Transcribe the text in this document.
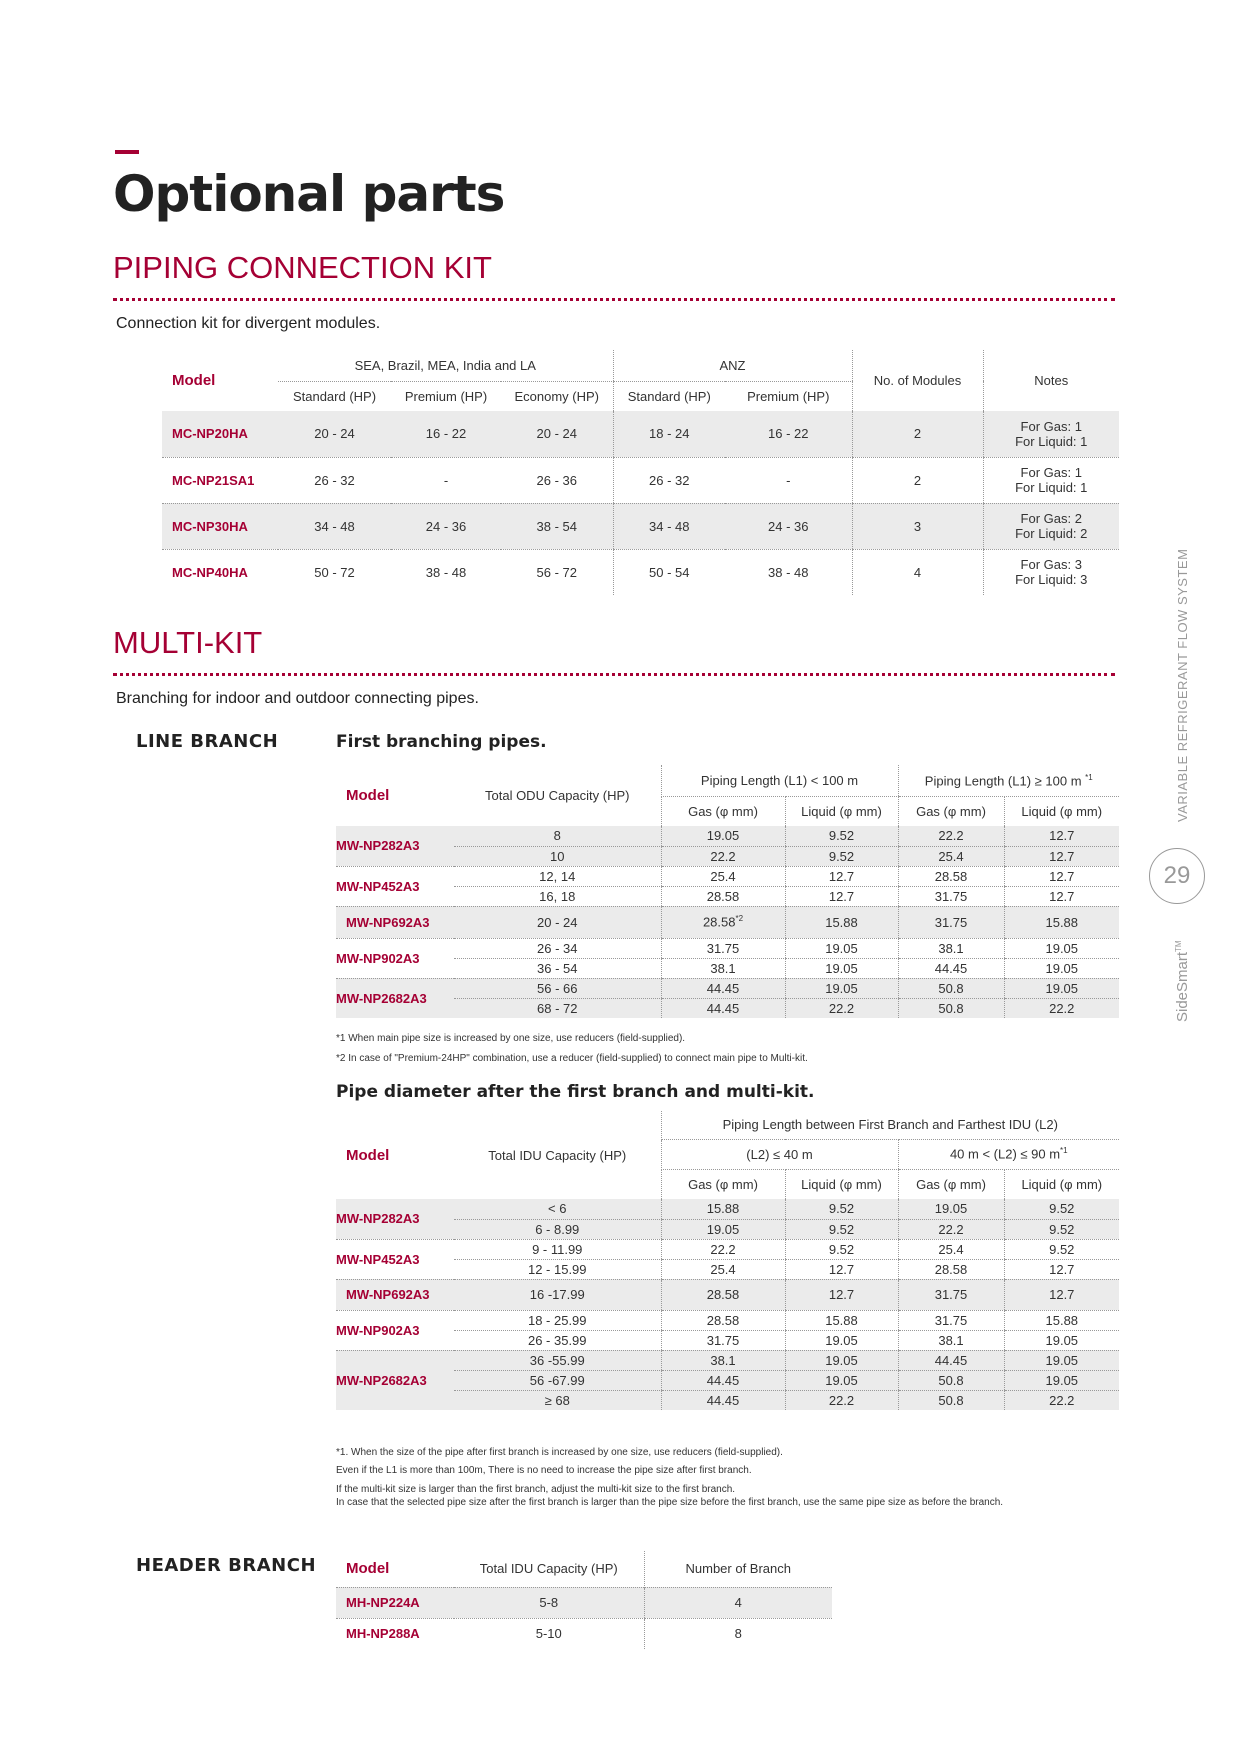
Optional parts
PIPING CONNECTION KIT
Connection kit for divergent modules.
Model	SEA, Brazil, MEA, India and LA			ANZ		No. of Modules	Notes
	Standard (HP)	Premium (HP)	Economy (HP)	Standard (HP)	Premium (HP)		
MC-NP20HA	20 - 24	16 - 22	20 - 24	18 - 24	16 - 22	2	For Gas: 1
For Liquid: 1

MC-NP21SA1	26 - 32	-	26 - 36	26 - 32	-	2	For Gas: 1
For Liquid: 1

MC-NP30HA	34 - 48	24 - 36	38 - 54	34 - 48	24 - 36	3	For Gas: 2
For Liquid: 2

MC-NP40HA	50 - 72	38 - 48	56 - 72	50 - 54	38 - 48	4	For Gas: 3
For Liquid: 3
MULTI-KIT
Branching for indoor and outdoor connecting pipes.
LINE BRANCH	First branching pipes.
Model	Total ODU Capacity (HP)	Piping Length (L1) < 100 m		Piping Length (L1) ≥ 100 m $^{*1}$
		Gas (φ mm)	Liquid (φ mm)	Gas (φ mm)	Liquid (φ mm)
MW-NP282A3	8	19.05	9.52	22.2	12.7
	10	22.2	9.52	25.4	12.7
MW-NP452A3	12, 14	25.4	12.7	28.58	12.7
	16, 18	28.58	12.7	31.75	12.7
MW-NP692A3	20 - 24	28.58$^{*2}$	15.88	31.75	15.88
MW-NP902A3	26 - 34	31.75	19.05	38.1	19.05
	36 - 54	38.1	19.05	44.45	19.05
MW-NP2682A3	56 - 66	44.45	19.05	50.8	19.05
	68 - 72	44.45	22.2	50.8	22.2
*1 When main pipe size is increased by one size, use reducers (field-supplied).
*2 In case of "Premium-24HP" combination, use a reducer (field-supplied) to connect main pipe to Multi-kit.
Pipe diameter after the first branch and multi-kit.
Model	Total IDU Capacity (HP)	Piping Length between First Branch and Farthest IDU (L2)			
		(L2) ≤ 40 m		40 m < (L2) ≤ 90 $m^{*1}$
		Gas (φ mm)	Liquid (φ mm)	Gas (φ mm)	Liquid (φ mm)
MW-NP282A3	< 6	15.88	9.52	19.05	9.52
	6 - 8.99	19.05	9.52	22.2	9.52
MW-NP452A3	9 - 11.99	22.2	9.52	25.4	9.52
	12 - 15.99	25.4	12.7	28.58	12.7
MW-NP692A3	16 -17.99	28.58	12.7	31.75	12.7
MW-NP902A3	18 - 25.99	28.58	15.88	31.75	15.88
	26 - 35.99	31.75	19.05	38.1	19.05
MW-NP2682A3	36 -55.99	38.1	19.05	44.45	19.05
	56 -67.99	44.45	19.05	50.8	19.05
	≥ 68	44.45	22.2	50.8	22.2
*1. When the size of the pipe after first branch is increased by one size, use reducers (field-supplied).
Even if the L1 is more than 100m, There is no need to increase the pipe size after first branch.
If the multi-kit size is larger than the first branch, adjust the multi-kit size to the first branch.
In case that the selected pipe size after the first branch is larger than the pipe size before the first branch, use the same pipe size as before the branch.
HEADER BRANCH Model	Total IDU Capacity (HP)	Number of Branch
MH-NP224A	5-8	4
MH-NP288A	5-10	8
VARIABLE REFRIGERANT FLOW SYSTEM
29
SideSmart™
